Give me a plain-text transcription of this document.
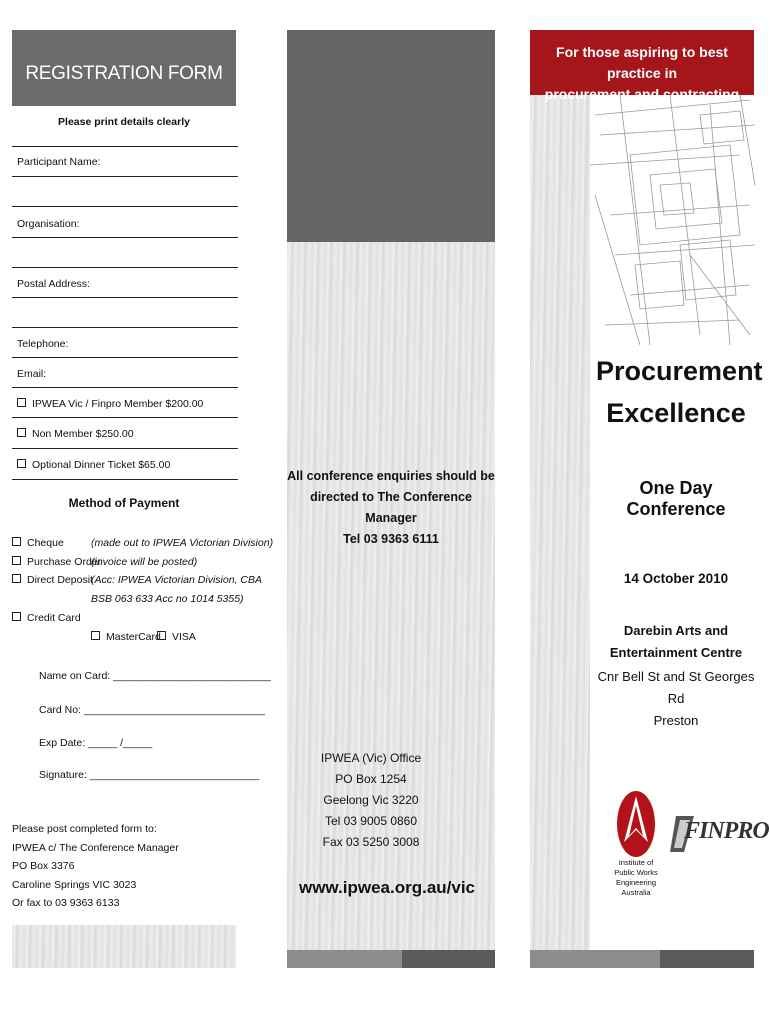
REGISTRATION FORM
Please print details clearly
Participant Name:
Organisation:
Postal Address:
Telephone:
Email:
IPWEA Vic / Finpro Member $200.00
Non Member $250.00
Optional Dinner Ticket $65.00
Method of Payment
Cheque	(made out to IPWEA Victorian Division)
Purchase Order
(invoice will be posted)
Direct Deposit
(Acc: IPWEA Victorian Division, CBA
BSB 063 633 Acc no 1014 5355)
Credit Card
MasterCard	VISA
Name on Card: ___________________________
Card No: _______________________________
Exp Date: _____ /_____
Signature: _____________________________
Please post completed form to:
IPWEA c/ The Conference Manager
PO Box 3376
Caroline Springs VIC 3023
Or fax to 03 9363 6133
All conference enquiries should be
directed to The Conference Manager
Tel 03 9363 6111
IPWEA (Vic) Office
PO Box 1254
Geelong Vic 3220
Tel 03 9005 0860
Fax 03 5250 3008
www.ipwea.org.au/vic
For those aspiring to best practice in
procurement and contracting
Procurement
Excellence
One Day Conference
14 October 2010
Darebin Arts and
Entertainment Centre
Cnr Bell St and St Georges Rd
Preston
Institute of
Public Works
Engineering
Australia
FINPRO
